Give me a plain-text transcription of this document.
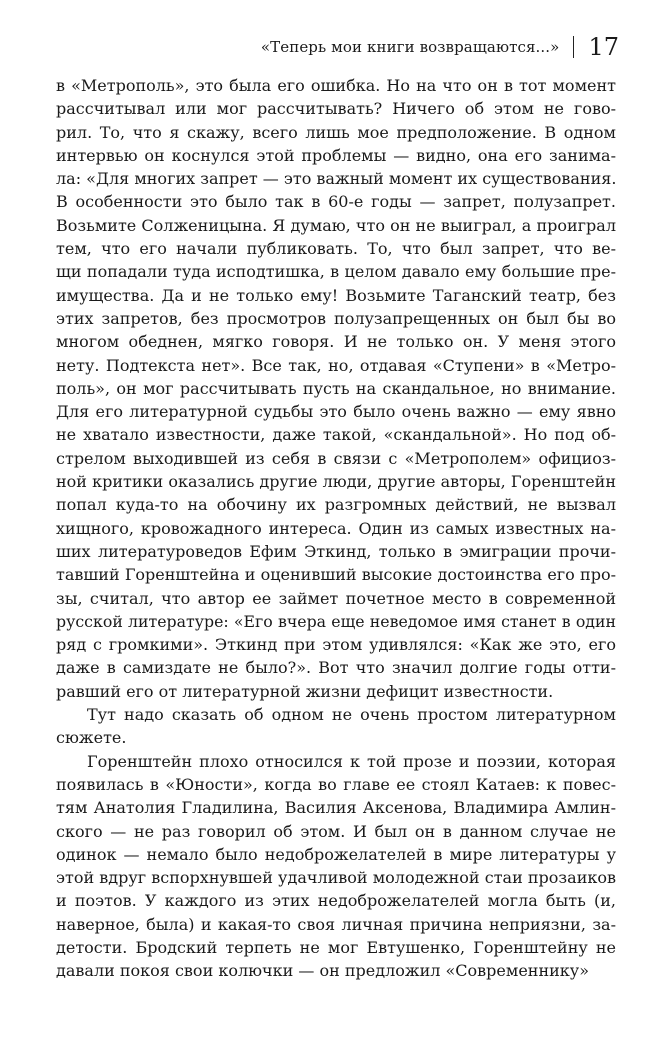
«Теперь мои книги возвращаются...»	17
в «Метрополь», это была его ошибка. Но на что он в тот момент
рассчитывал или мог рассчитывать? Ничего об этом не гово-
рил. То, что я скажу, всего лишь мое предположение. В одном
интервью он коснулся этой проблемы — видно, она его занима-
ла: «Для многих запрет — это важный момент их существования.
В особенности это было так в 60-е годы — запрет, полузапрет.
Возьмите Солженицына. Я думаю, что он не выиграл, а проиграл
тем, что его начали публиковать. То, что был запрет, что ве-
щи попадали туда исподтишка, в целом давало ему большие пре-
имущества. Да и не только ему! Возьмите Таганский театр, без
этих запретов, без просмотров полузапрещенных он был бы во
многом обеднен, мягко говоря. И не только он. У меня этого
нету. Подтекста нет». Все так, но, отдавая «Ступени» в «Метро-
поль», он мог рассчитывать пусть на скандальное, но внимание.
Для его литературной судьбы это было очень важно — ему явно
не хватало известности, даже такой, «скандальной». Но под об-
стрелом выходившей из себя в связи с «Метрополем» официоз-
ной критики оказались другие люди, другие авторы, Горенштейн
попал куда-то на обочину их разгромных действий, не вызвал
хищного, кровожадного интереса. Один из самых известных на-
ших литературоведов Ефим Эткинд, только в эмиграции прочи-
тавший Горенштейна и оценивший высокие достоинства его про-
зы, считал, что автор ее займет почетное место в современной
русской литературе: «Его вчера еще неведомое имя станет в один
ряд с громкими». Эткинд при этом удивлялся: «Как же это, его
даже в самиздате не было?». Вот что значил долгие годы отти-
равший его от литературной жизни дефицит известности.
Тут надо сказать об одном не очень простом литературном
сюжете.
Горенштейн плохо относился к той прозе и поэзии, которая
появилась в «Юности», когда во главе ее стоял Катаев: к повес-
тям Анатолия Гладилина, Василия Аксенова, Владимира Амлин-
ского — не раз говорил об этом. И был он в данном случае не
одинок — немало было недоброжелателей в мире литературы у
этой вдруг вспорхнувшей удачливой молодежной стаи прозаиков
и поэтов. У каждого из этих недоброжелателей могла быть (и,
наверное, была) и какая-то своя личная причина неприязни, за-
детости. Бродский терпеть не мог Евтушенко, Горенштейну не
давали покоя свои колючки — он предложил «Современнику»
